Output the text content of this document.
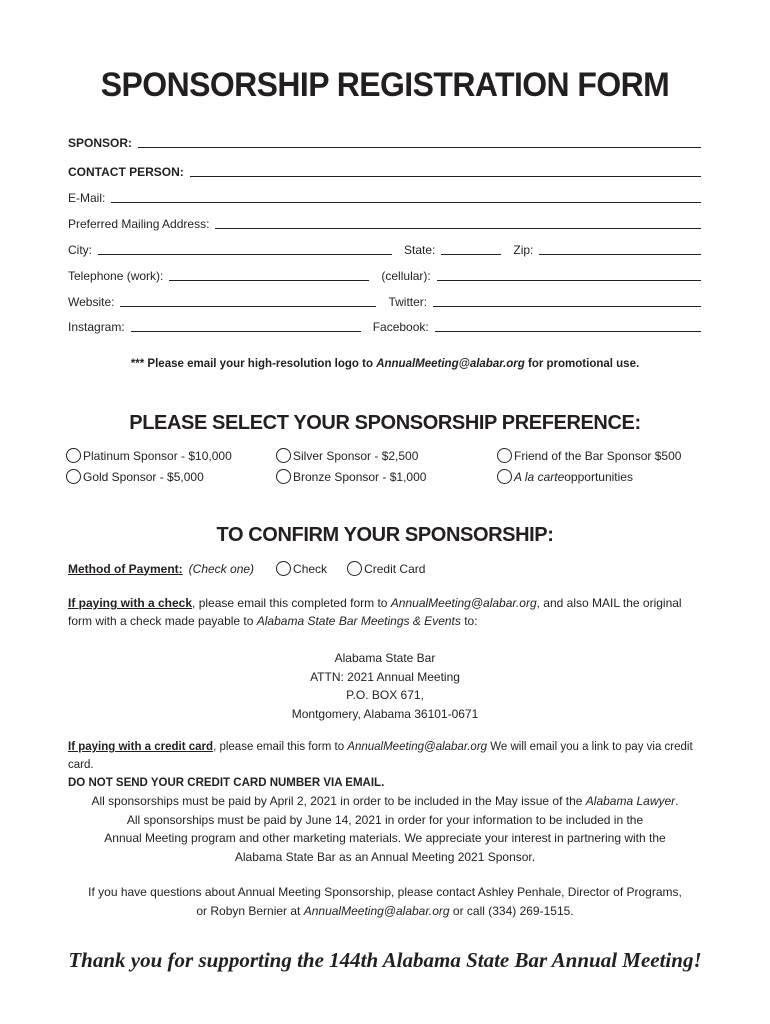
SPONSORSHIP REGISTRATION FORM
SPONSOR:
CONTACT PERSON:
E-Mail:
Preferred Mailing Address:
City:	State:	Zip:
Telephone (work):	(cellular):
Website:	Twitter:
Instagram:	Facebook:
*** Please email your high-resolution logo to AnnualMeeting@alabar.org for promotional use.
PLEASE SELECT YOUR SPONSORSHIP PREFERENCE:
Platinum Sponsor - $10,000
Gold Sponsor - $5,000
Silver Sponsor - $2,500
Bronze Sponsor - $1,000
Friend of the Bar Sponsor $500
A la carte opportunities
TO CONFIRM YOUR SPONSORSHIP:
Method of Payment: (Check one)	Check	Credit Card
If paying with a check, please email this completed form to AnnualMeeting@alabar.org, and also MAIL the original form with a check made payable to Alabama State Bar Meetings & Events to:
Alabama State Bar
ATTN: 2021 Annual Meeting
P.O. BOX 671,
Montgomery, Alabama 36101-0671
If paying with a credit card, please email this form to AnnualMeeting@alabar.org We will email you a link to pay via credit card.
DO NOT SEND YOUR CREDIT CARD NUMBER VIA EMAIL.
All sponsorships must be paid by April 2, 2021 in order to be included in the May issue of the Alabama Lawyer.
All sponsorships must be paid by June 14, 2021 in order for your information to be included in the
Annual Meeting program and other marketing materials. We appreciate your interest in partnering with the
Alabama State Bar as an Annual Meeting 2021 Sponsor.
If you have questions about Annual Meeting Sponsorship, please contact Ashley Penhale, Director of Programs,
or Robyn Bernier at AnnualMeeting@alabar.org or call (334) 269-1515.
Thank you for supporting the 144th Alabama State Bar Annual Meeting!
